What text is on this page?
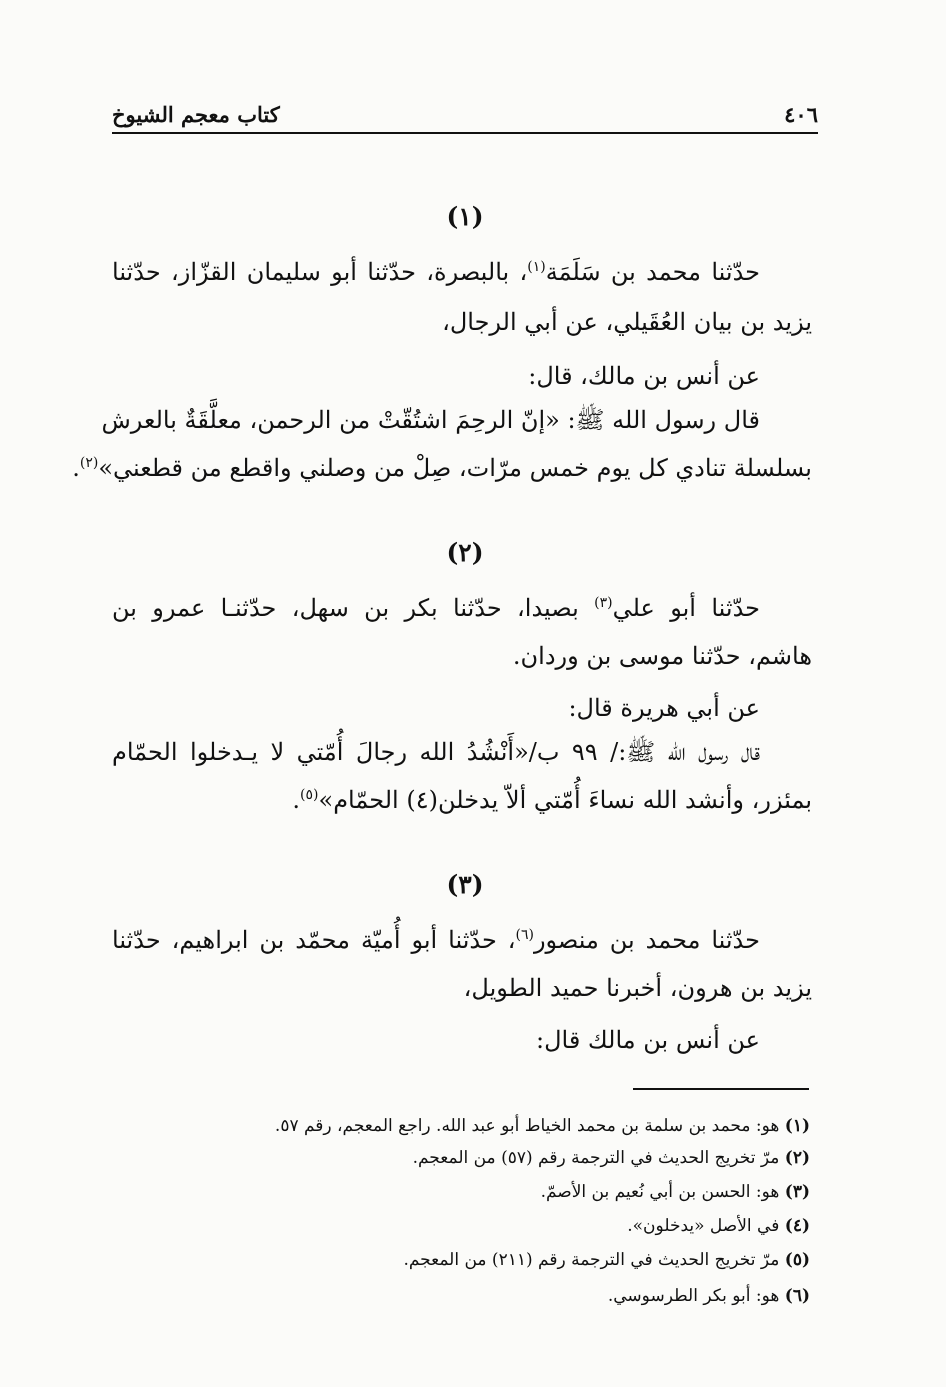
٤٠٦
كتاب معجم الشيوخ
(١)
حدّثنا محمد بن سَلَمَة$^{(١)}$، بالبصرة، حدّثنا أبو سليمان القزّاز، حدّثنا
يزيد بن بيان العُقَيلي، عن أبي الرجال،
عن أنس بن مالك، قال:
قال رسول الله ﷺ: «إنّ الرحِمَ اشتُقّتْ من الرحمن، معلَّقَةٌ بالعرش
بسلسلة تنادي كل يوم خمس مرّات، صِلْ من وصلني واقطع من قطعني»$^{(٢)}$.
(٢)
حدّثنا أبو علي$^{(٣)}$ بصيدا، حدّثنا بكر بن سهل، حدّثنـا عمرو بن
هاشم، حدّثنا موسى بن وردان.
عن أبي هريرة قال:
قال رسول الله ﷺ:/ ٩٩ ب/«أَنْشُدُ الله رجالَ أُمّتي لا يـدخلوا الحمّام
بمئزر، وأنشد الله نساءَ أُمّتي ألاّ يدخلن(٤) الحمّام»$^{(٥)}$.
(٣)
حدّثنا محمد بن منصور$^{(٦)}$، حدّثنا أبو أُميّة محمّد بن ابراهيم، حدّثنا
يزيد بن هرون، أخبرنا حميد الطويل،
عن أنس بن مالك قال:
(١) هو: محمد بن سلمة بن محمد الخياط أبو عبد الله. راجع المعجم، رقم ٥٧.
(٢) مرّ تخريج الحديث في الترجمة رقم (٥٧) من المعجم.
(٣) هو: الحسن بن أبي نُعيم بن الأصمّ.
(٤) في الأصل «يدخلون».
(٥) مرّ تخريج الحديث في الترجمة رقم (٢١١) من المعجم.
(٦) هو: أبو بكر الطرسوسي.
